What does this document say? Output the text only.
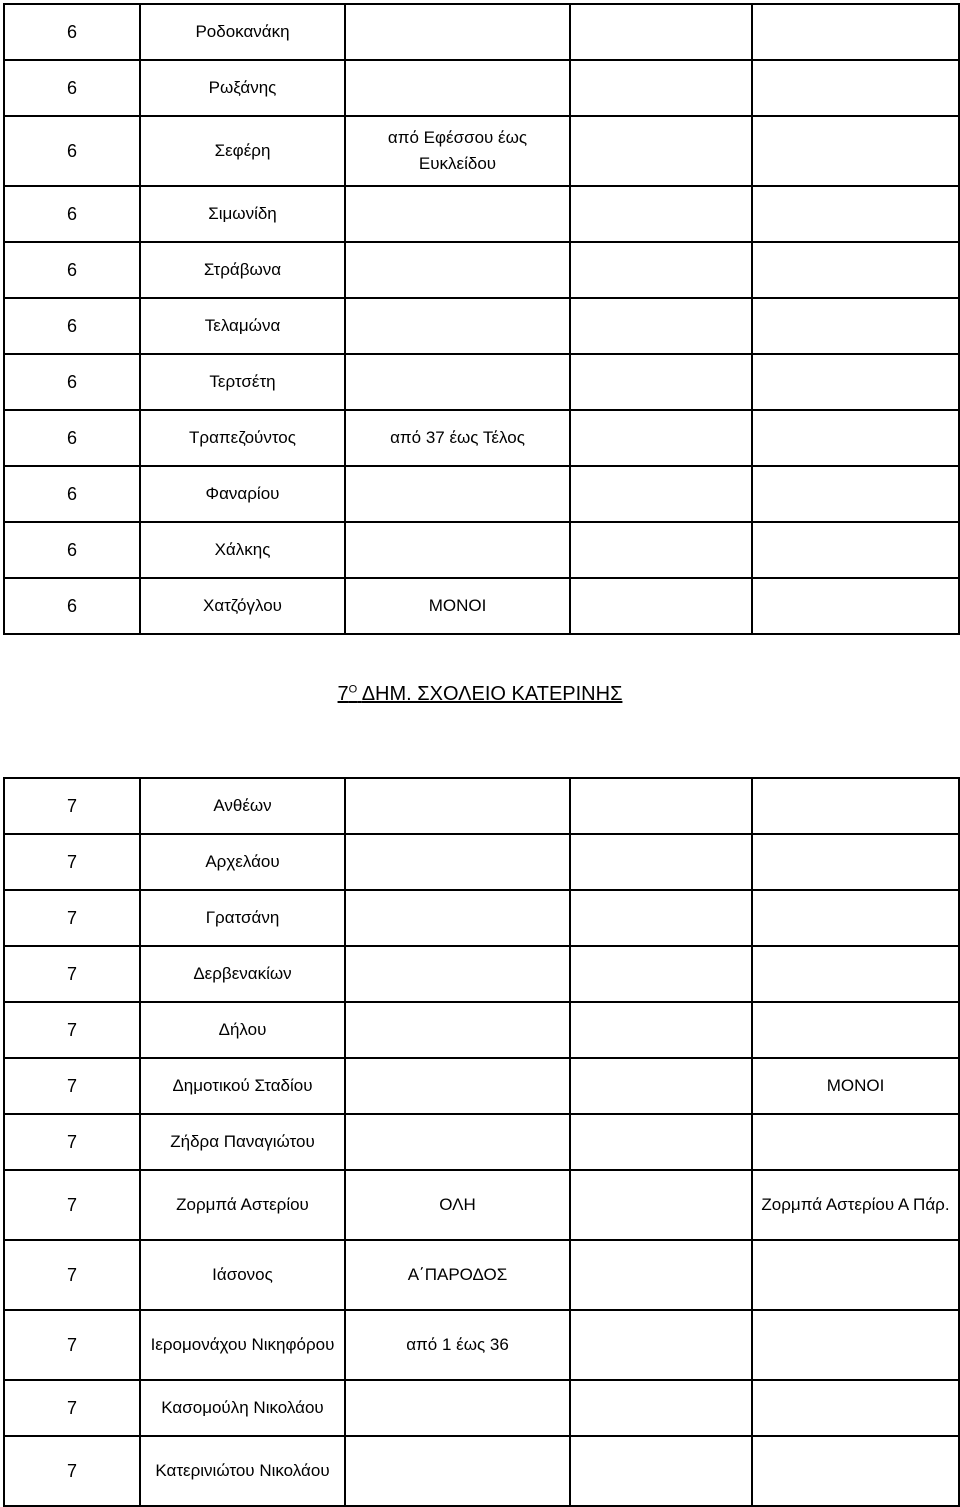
6	Ροδοκανάκη			

6	Ρωξάνης			

6	Σεφέρη	από Εφέσσου έως Ευκλείδου		

6	Σιμωνίδη			

6	Στράβωνα			

6	Τελαμώνα			

6	Τερτσέτη			

6	Τραπεζούντος	από 37 έως Τέλος		

6	Φαναρίου			

6	Χάλκης			

6	Χατζόγλου	ΜΟΝΟΙ		

$7^O$ ΔΗΜ. ΣΧΟΛΕΙΟ ΚΑΤΕΡΙΝΗΣ
7	Ανθέων			

7	Αρχελάου			

7	Γρατσάνη			

7	Δερβενακίων			

7	Δήλου			

7	Δημοτικού Σταδίου			ΜΟΝΟΙ

7	Ζήδρα Παναγιώτου			

7	Ζορμπά Αστερίου	ΟΛΗ		Ζορμπά Αστερίου Α Πάρ.

7	Ιάσονος	Α΄ΠΑΡΟΔΟΣ		

7	Ιερομονάχου Νικηφόρου	από 1 έως 36		

7	Κασομούλη Νικολάου			

7	Κατερινιώτου Νικολάου			
